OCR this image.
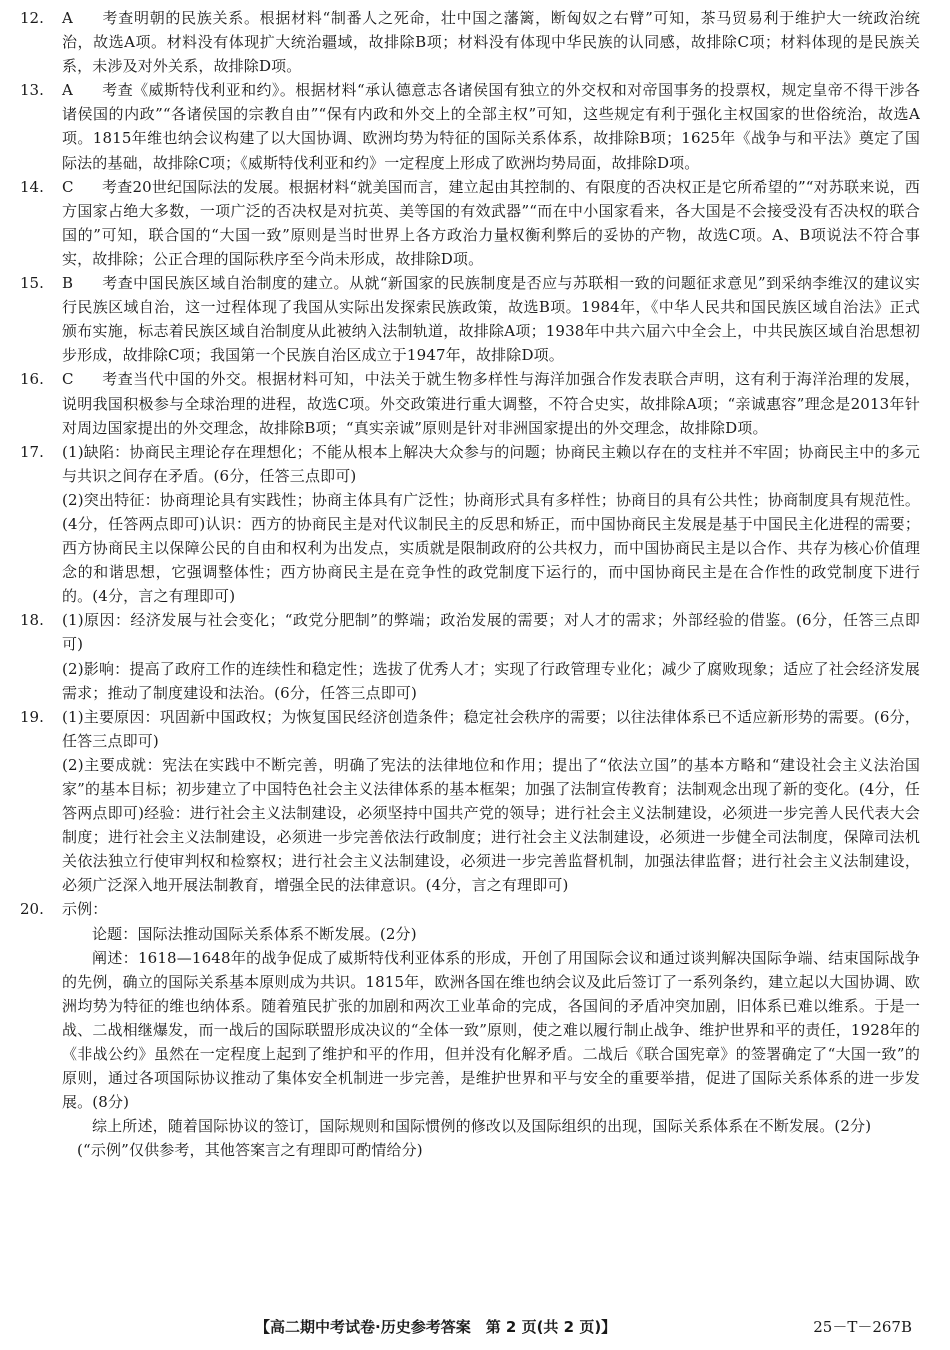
12.	A 考查明朝的民族关系。根据材料“制番人之死命，壮中国之藩篱，断匈奴之右臂”可知，茶马贸易利于维护大一统政治统治，故选A项。材料没有体现扩大统治疆域，故排除B项；材料没有体现中华民族的认同感，故排除C项；材料体现的是民族关系，未涉及对外关系，故排除D项。
13.	A 考查《威斯特伐利亚和约》。根据材料“承认德意志各诸侯国有独立的外交权和对帝国事务的投票权，规定皇帝不得干涉各诸侯国的内政”“各诸侯国的宗教自由”“保有内政和外交上的全部主权”可知，这些规定有利于强化主权国家的世俗统治，故选A项。1815年维也纳会议构建了以大国协调、欧洲均势为特征的国际关系体系，故排除B项；1625年《战争与和平法》奠定了国际法的基础，故排除C项；《威斯特伐利亚和约》一定程度上形成了欧洲均势局面，故排除D项。
14.	C 考查20世纪国际法的发展。根据材料“就美国而言，建立起由其控制的、有限度的否决权正是它所希望的”“对苏联来说，西方国家占绝大多数，一项广泛的否决权是对抗英、美等国的有效武器”“而在中小国家看来，各大国是不会接受没有否决权的联合国的”可知，联合国的“大国一致”原则是当时世界上各方政治力量权衡利弊后的妥协的产物，故选C项。A、B项说法不符合事实，故排除；公正合理的国际秩序至今尚未形成，故排除D项。
15.	B 考查中国民族区域自治制度的建立。从就“新国家的民族制度是否应与苏联相一致的问题征求意见”到采纳李维汉的建议实行民族区域自治，这一过程体现了我国从实际出发探索民族政策，故选B项。1984年，《中华人民共和国民族区域自治法》正式颁布实施，标志着民族区域自治制度从此被纳入法制轨道，故排除A项；1938年中共六届六中全会上，中共民族区域自治思想初步形成，故排除C项；我国第一个民族自治区成立于1947年，故排除D项。
16.	C 考查当代中国的外交。根据材料可知，中法关于就生物多样性与海洋加强合作发表联合声明，这有利于海洋治理的发展，说明我国积极参与全球治理的进程，故选C项。外交政策进行重大调整，不符合史实，故排除A项；“亲诚惠容”理念是2013年针对周边国家提出的外交理念，故排除B项；“真实亲诚”原则是针对非洲国家提出的外交理念，故排除D项。
17.	(1)缺陷：协商民主理论存在理想化；不能从根本上解决大众参与的问题；协商民主赖以存在的支柱并不牢固；协商民主中的多元与共识之间存在矛盾。(6分，任答三点即可)

(2)突出特征：协商理论具有实践性；协商主体具有广泛性；协商形式具有多样性；协商目的具有公共性；协商制度具有规范性。(4分，任答两点即可)认识：西方的协商民主是对代议制民主的反思和矫正，而中国协商民主发展是基于中国民主化进程的需要；西方协商民主以保障公民的自由和权利为出发点，实质就是限制政府的公共权力，而中国协商民主是以合作、共存为核心价值理念的和谐思想，它强调整体性；西方协商民主是在竞争性的政党制度下运行的，而中国协商民主是在合作性的政党制度下进行的。(4分，言之有理即可)

18.	(1)原因：经济发展与社会变化；“政党分肥制”的弊端；政治发展的需要；对人才的需求；外部经验的借鉴。(6分，任答三点即可)

(2)影响：提高了政府工作的连续性和稳定性；选拔了优秀人才；实现了行政管理专业化；减少了腐败现象；适应了社会经济发展需求；推动了制度建设和法治。(6分，任答三点即可)

19.	(1)主要原因：巩固新中国政权；为恢复国民经济创造条件；稳定社会秩序的需要；以往法律体系已不适应新形势的需要。(6分，任答三点即可)

(2)主要成就：宪法在实践中不断完善，明确了宪法的法律地位和作用；提出了“依法立国”的基本方略和“建设社会主义法治国家”的基本目标；初步建立了中国特色社会主义法律体系的基本框架；加强了法制宣传教育；法制观念出现了新的变化。(4分，任答两点即可)经验：进行社会主义法制建设，必须坚持中国共产党的领导；进行社会主义法制建设，必须进一步完善人民代表大会制度；进行社会主义法制建设，必须进一步完善依法行政制度；进行社会主义法制建设，必须进一步健全司法制度，保障司法机关依法独立行使审判权和检察权；进行社会主义法制建设，必须进一步完善监督机制，加强法律监督；进行社会主义法制建设，必须广泛深入地开展法制教育，增强全民的法律意识。(4分，言之有理即可)

20.	示例：

论题：国际法推动国际关系体系不断发展。(2分)

阐述：1618—1648年的战争促成了威斯特伐利亚体系的形成，开创了用国际会议和通过谈判解决国际争端、结束国际战争的先例，确立的国际关系基本原则成为共识。1815年，欧洲各国在维也纳会议及此后签订了一系列条约，建立起以大国协调、欧洲均势为特征的维也纳体系。随着殖民扩张的加剧和两次工业革命的完成，各国间的矛盾冲突加剧，旧体系已难以维系。于是一战、二战相继爆发，而一战后的国际联盟形成决议的“全体一致”原则，使之难以履行制止战争、维护世界和平的责任，1928年的《非战公约》虽然在一定程度上起到了维护和平的作用，但并没有化解矛盾。二战后《联合国宪章》的签署确定了“大国一致”的原则，通过各项国际协议推动了集体安全机制进一步完善，是维护世界和平与安全的重要举措，促进了国际关系体系的进一步发展。(8分)

综上所述，随着国际协议的签订，国际规则和国际惯例的修改以及国际组织的出现，国际关系体系在不断发展。(2分)

(“示例”仅供参考，其他答案言之有理即可酌情给分)

【高二期中考试卷·历史参考答案　第 2 页(共 2 页)】	25－T－267B
